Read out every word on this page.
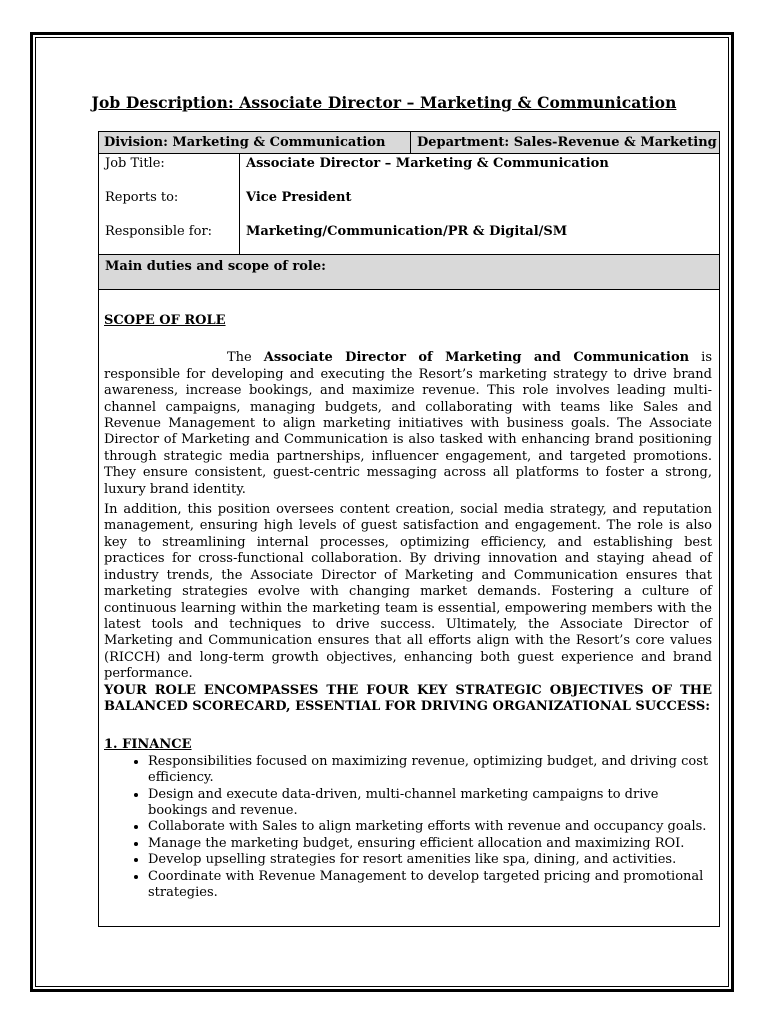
Job Description: Associate Director – Marketing & Communication
Division: Marketing & Communication Department: Sales-Revenue & Marketing
Job Title:	Associate Director – Marketing & Communication
Reports to:	Vice President
Responsible for:	Marketing/Communication/PR & Digital/SM
Main duties and scope of role:
SCOPE OF ROLE

The Associate Director of Marketing and Communication is responsible for developing and executing the Resort’s marketing strategy to drive brand awareness, increase bookings, and maximize revenue. This role involves leading multi-channel campaigns, managing budgets, and collaborating with teams like Sales and Revenue Management to align marketing initiatives with business goals. The Associate Director of Marketing and Communication is also tasked with enhancing brand positioning through strategic media partnerships, influencer engagement, and targeted promotions. They ensure consistent, guest-centric messaging across all platforms to foster a strong, luxury brand identity.

In addition, this position oversees content creation, social media strategy, and reputation management, ensuring high levels of guest satisfaction and engagement. The role is also key to streamlining internal processes, optimizing efficiency, and establishing best practices for cross-functional collaboration. By driving innovation and staying ahead of industry trends, the Associate Director of Marketing and Communication ensures that marketing strategies evolve with changing market demands. Fostering a culture of continuous learning within the marketing team is essential, empowering members with the latest tools and techniques to drive success. Ultimately, the Associate Director of Marketing and Communication ensures that all efforts align with the Resort’s core values (RICCH) and long-term growth objectives, enhancing both guest experience and brand performance.

YOUR ROLE ENCOMPASSES THE FOUR KEY STRATEGIC OBJECTIVES OF THE BALANCED SCORECARD, ESSENTIAL FOR DRIVING ORGANIZATIONAL SUCCESS:

1. FINANCE
• Responsibilities focused on maximizing revenue, optimizing budget, and driving cost efficiency.
• Design and execute data-driven, multi-channel marketing campaigns to drive bookings and revenue.
• Collaborate with Sales to align marketing efforts with revenue and occupancy goals.
• Manage the marketing budget, ensuring efficient allocation and maximizing ROI.
• Develop upselling strategies for resort amenities like spa, dining, and activities.
• Coordinate with Revenue Management to develop targeted pricing and promotional strategies.
